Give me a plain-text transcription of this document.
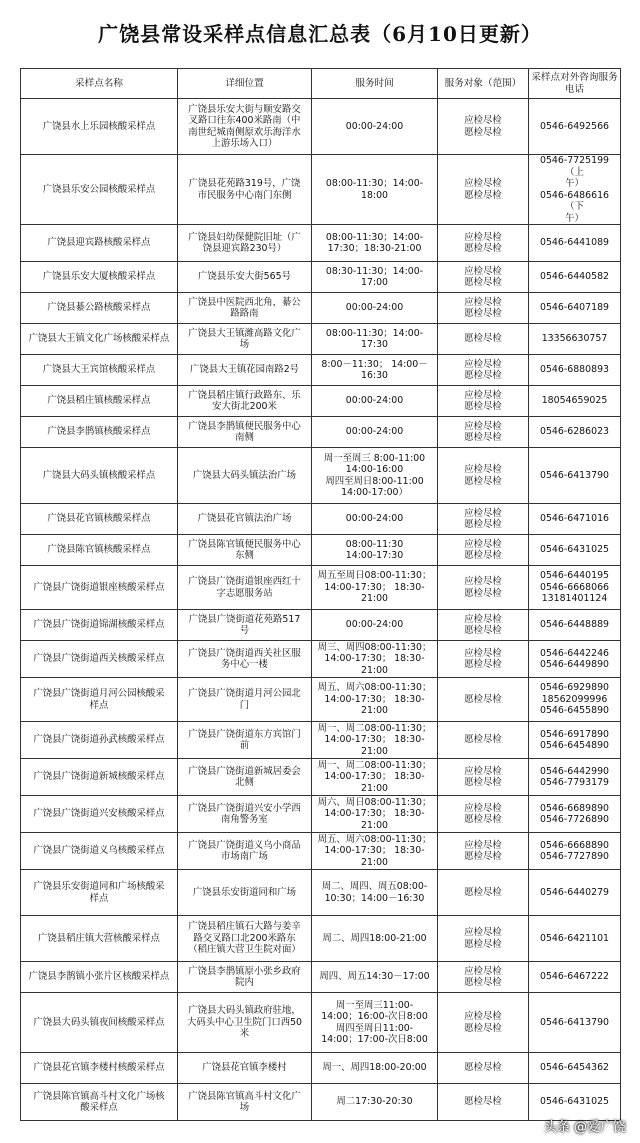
广饶县常设采样点信息汇总表（6月10日更新）
采样点名称	详细位置	服务时间	服务对象（范围）	采样点对外咨询服务
电话
广饶县水上乐园核酸采样点	广饶县乐安大街与顺安路交
叉路口往东400米路南（中
南世纪城南侧原欢乐海洋水
上游乐场入口）	00:00-24:00	应检尽检
愿检尽检	0546-6492566
广饶县乐安公园核酸采样点	广饶县花苑路319号，广饶
市民服务中心南门东侧	08:00-11:30；14:00-
18:00	应检尽检
愿检尽检	0546-7725199（上
午）
0546-6486616（下
午）
广饶县迎宾路核酸采样点	广饶县妇幼保健院旧址（广
饶县迎宾路230号）	08:00-11:30；14:00-
17:30；18:30-21:00	应检尽检
愿检尽检	0546-6441089
广饶县乐安大厦核酸采样点	广饶县乐安大街565号	08:30-11:30；14:00-
17:00	应检尽检
愿检尽检	0546-6440582
广饶县綦公路核酸采样点	广饶县中医院西北角，綦公
路路南	00:00-24:00	应检尽检
愿检尽检	0546-6407189
广饶县大王镇文化广场核酸采样点	广饶县大王镇潍高路文化广
场	08:00-11:30；14:00-
17:30	愿检尽检	13356630757
广饶县大王宾馆核酸采样点	广饶县大王镇花园南路2号	8:00－11:30； 14:00－
16:30	应检尽检
愿检尽检	0546-6880893
广饶县稻庄镇核酸采样点	广饶县稻庄镇行政路东、乐
安大街北200米	00:00-24:00	应检尽检
愿检尽检	18054659025
广饶县李鹊镇核酸采样点	广饶县李鹊镇便民服务中心
南侧	00:00-24:00	应检尽检
愿检尽检	0546-6286023
广饶县大码头镇核酸采样点	广饶县大码头镇法治广场	周一至周三 8:00-11:00
14:00-16:00
周四至周日8:00-11:00
14:00-17:00）	应检尽检
愿检尽检	0546-6413790
广饶县花官镇核酸采样点	广饶县花官镇法治广场	00:00-24:00	应检尽检
愿检尽检	0546-6471016
广饶县陈官镇核酸采样点	广饶县陈官镇便民服务中心
东侧	08:00-11:30
14:00-17:30	应检尽检
愿检尽检	0546-6431025
广饶县广饶街道银座核酸采样点	广饶县广饶街道银座西红十
字志愿服务站	周五至周日08:00-11:30；
14:00-17:30； 18:30-
21:00	应检尽检
愿检尽检	0546-6440195
0546-6668066
13181401124
广饶县广饶街道锦湖核酸采样点	广饶县广饶街道花苑路517
号	00:00-24:00	应检尽检
愿检尽检	0546-6448889
广饶县广饶街道西关核酸采样点	广饶县广饶街道西关社区服
务中心一楼	周三、周四08:00-11:30；
14:00-17:30； 18:30-
21:00	应检尽检
愿检尽检	0546-6442246
0546-6449890
广饶县广饶街道月河公园核酸采
样点	广饶县广饶街道月河公园北
门	周五、周六08:00-11:30；
14:00-17:30； 18:30-
21:00	愿检尽检	0546-6929890
18562099996
0546-6455890
广饶县广饶街道孙武核酸采样点	广饶县广饶街道东方宾馆门
前	周一、周二08:00-11:30；
14:00-17:30； 18:30-
21:00	愿检尽检	0546-6917890
0546-6454890
广饶县广饶街道新城核酸采样点	广饶县广饶街道新城居委会
北侧	周一、周二08:00-11:30；
14:00-17:30； 18:30-
21:00	应检尽检
愿检尽检	0546-6442990
0546-7793179
广饶县广饶街道兴安核酸采样点	广饶县广饶街道兴安小学西
南角警务室	周六、周日08:00-11:30；
14:00-17:30； 18:30-
21:00	应检尽检
愿检尽检	0546-6689890
0546-7726890
广饶县广饶街道义乌核酸采样点	广饶县广饶街道义乌小商品
市场南广场	周五、周六08:00-11:30；
14:00-17:30； 18:30-
21:00	应检尽检
愿检尽检	0546-6668890
0546-7727890
广饶县乐安街道同和广场核酸采
样点	广饶县乐安街道同和广场	周二、周四、周五08:00-
10:30；14:00－16:30	愿检尽检	0546-6440279
广饶县稻庄镇大营核酸采样点	广饶县稻庄镇石大路与姜辛
路交叉路口北200米路东
（稻庄镇大营卫生院对面）	周二、周四18:00-21:00	应检尽检
愿检尽检	0546-6421101
广饶县李鹊镇小张片区核酸采样点	广饶县李鹊镇原小张乡政府
院内	周四、周五14:30－17:00	应检尽检
愿检尽检	0546-6467222
广饶县大码头镇夜间核酸采样点	广饶县大码头镇政府驻地，
大码头中心卫生院门口西50
米	周一至周三11:00-
14:00；16:00-次日8:00
周四至周日11:00-
14:00；17:00-次日8:00	应检尽检
愿检尽检	0546-6413790
广饶县花官镇李楼村核酸采样点	广饶县花官镇李楼村	周一、周四18:00-20:00	愿检尽检	0546-6454362
广饶县陈官镇高斗村文化广场核
酸采样点	广饶县陈官镇高斗村文化广
场	周二17:30-20:30	愿检尽检	0546-6431025
头条 @爱广饶
